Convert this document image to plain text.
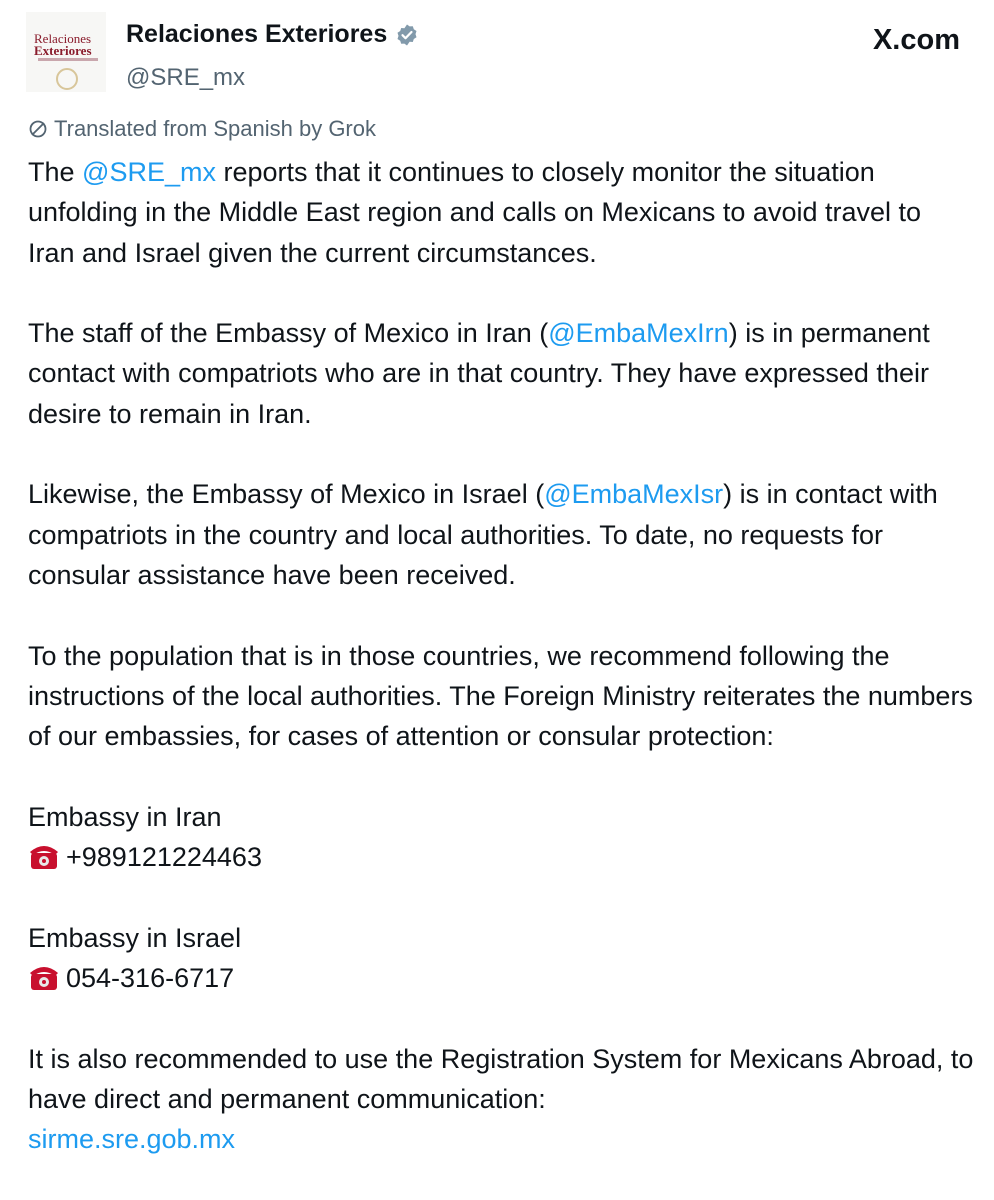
Relaciones
Exteriores
Relaciones Exteriores
@SRE_mx
X.com
Translated from Spanish by Grok

The @SRE_mx reports that it continues to closely monitor the situation unfolding in the Middle East region and calls on Mexicans to avoid travel to Iran and Israel given the current circumstances.

The staff of the Embassy of Mexico in Iran (@EmbaMexIrn) is in permanent contact with compatriots who are in that country. They have expressed their desire to remain in Iran.

Likewise, the Embassy of Mexico in Israel (@EmbaMexIsr) is in contact with compatriots in the country and local authorities. To date, no requests for consular assistance have been received.

To the population that is in those countries, we recommend following the instructions of the local authorities. The Foreign Ministry reiterates the numbers of our embassies, for cases of attention or consular protection:

Embassy in Iran
+989121224463

Embassy in Israel
054-316-6717

It is also recommended to use the Registration System for Mexicans Abroad, to have direct and permanent communication:
sirme.sre.gob.mx
